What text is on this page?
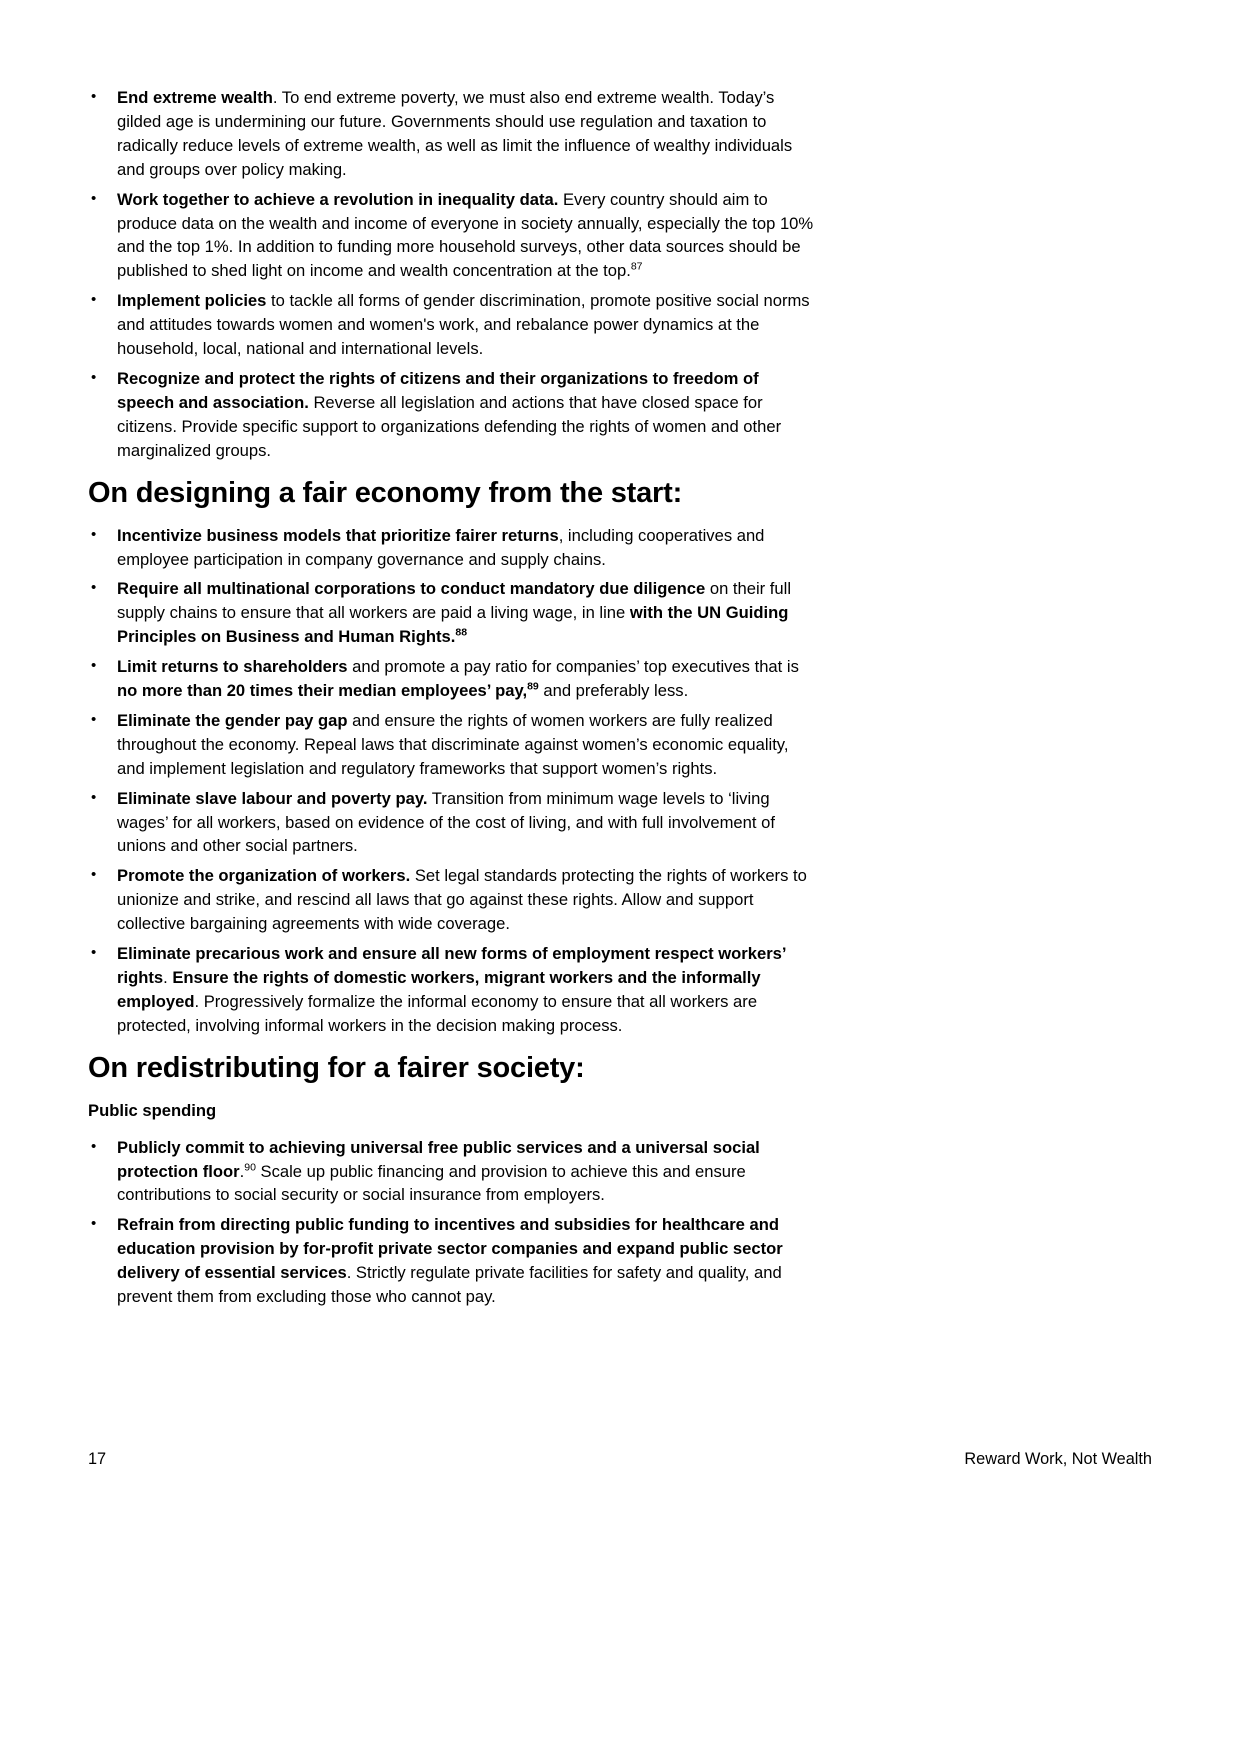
• End extreme wealth. To end extreme poverty, we must also end extreme wealth. Today’s gilded age is undermining our future. Governments should use regulation and taxation to radically reduce levels of extreme wealth, as well as limit the influence of wealthy individuals and groups over policy making.
• Work together to achieve a revolution in inequality data. Every country should aim to produce data on the wealth and income of everyone in society annually, especially the top 10% and the top 1%. In addition to funding more household surveys, other data sources should be published to shed light on income and wealth concentration at the top.$^{87}$
• Implement policies to tackle all forms of gender discrimination, promote positive social norms and attitudes towards women and women's work, and rebalance power dynamics at the household, local, national and international levels.
• Recognize and protect the rights of citizens and their organizations to freedom of speech and association. Reverse all legislation and actions that have closed space for citizens. Provide specific support to organizations defending the rights of women and other marginalized groups.
On designing a fair economy from the start:
• Incentivize business models that prioritize fairer returns, including cooperatives and employee participation in company governance and supply chains.
• Require all multinational corporations to conduct mandatory due diligence on their full supply chains to ensure that all workers are paid a living wage, in line with the UN Guiding Principles on Business and Human Rights.$^{88}$
• Limit returns to shareholders and promote a pay ratio for companies’ top executives that is no more than 20 times their median employees’ pay,$^{89}$ and preferably less.
• Eliminate the gender pay gap and ensure the rights of women workers are fully realized throughout the economy. Repeal laws that discriminate against women’s economic equality, and implement legislation and regulatory frameworks that support women’s rights.
• Eliminate slave labour and poverty pay. Transition from minimum wage levels to ‘living wages’ for all workers, based on evidence of the cost of living, and with full involvement of unions and other social partners.
• Promote the organization of workers. Set legal standards protecting the rights of workers to unionize and strike, and rescind all laws that go against these rights. Allow and support collective bargaining agreements with wide coverage.
• Eliminate precarious work and ensure all new forms of employment respect workers’ rights. Ensure the rights of domestic workers, migrant workers and the informally employed. Progressively formalize the informal economy to ensure that all workers are protected, involving informal workers in the decision making process.
On redistributing for a fairer society:
Public spending
• Publicly commit to achieving universal free public services and a universal social protection floor.$^{90}$ Scale up public financing and provision to achieve this and ensure contributions to social security or social insurance from employers.
• Refrain from directing public funding to incentives and subsidies for healthcare and education provision by for-profit private sector companies and expand public sector delivery of essential services. Strictly regulate private facilities for safety and quality, and prevent them from excluding those who cannot pay.
17	Reward Work, Not Wealth
